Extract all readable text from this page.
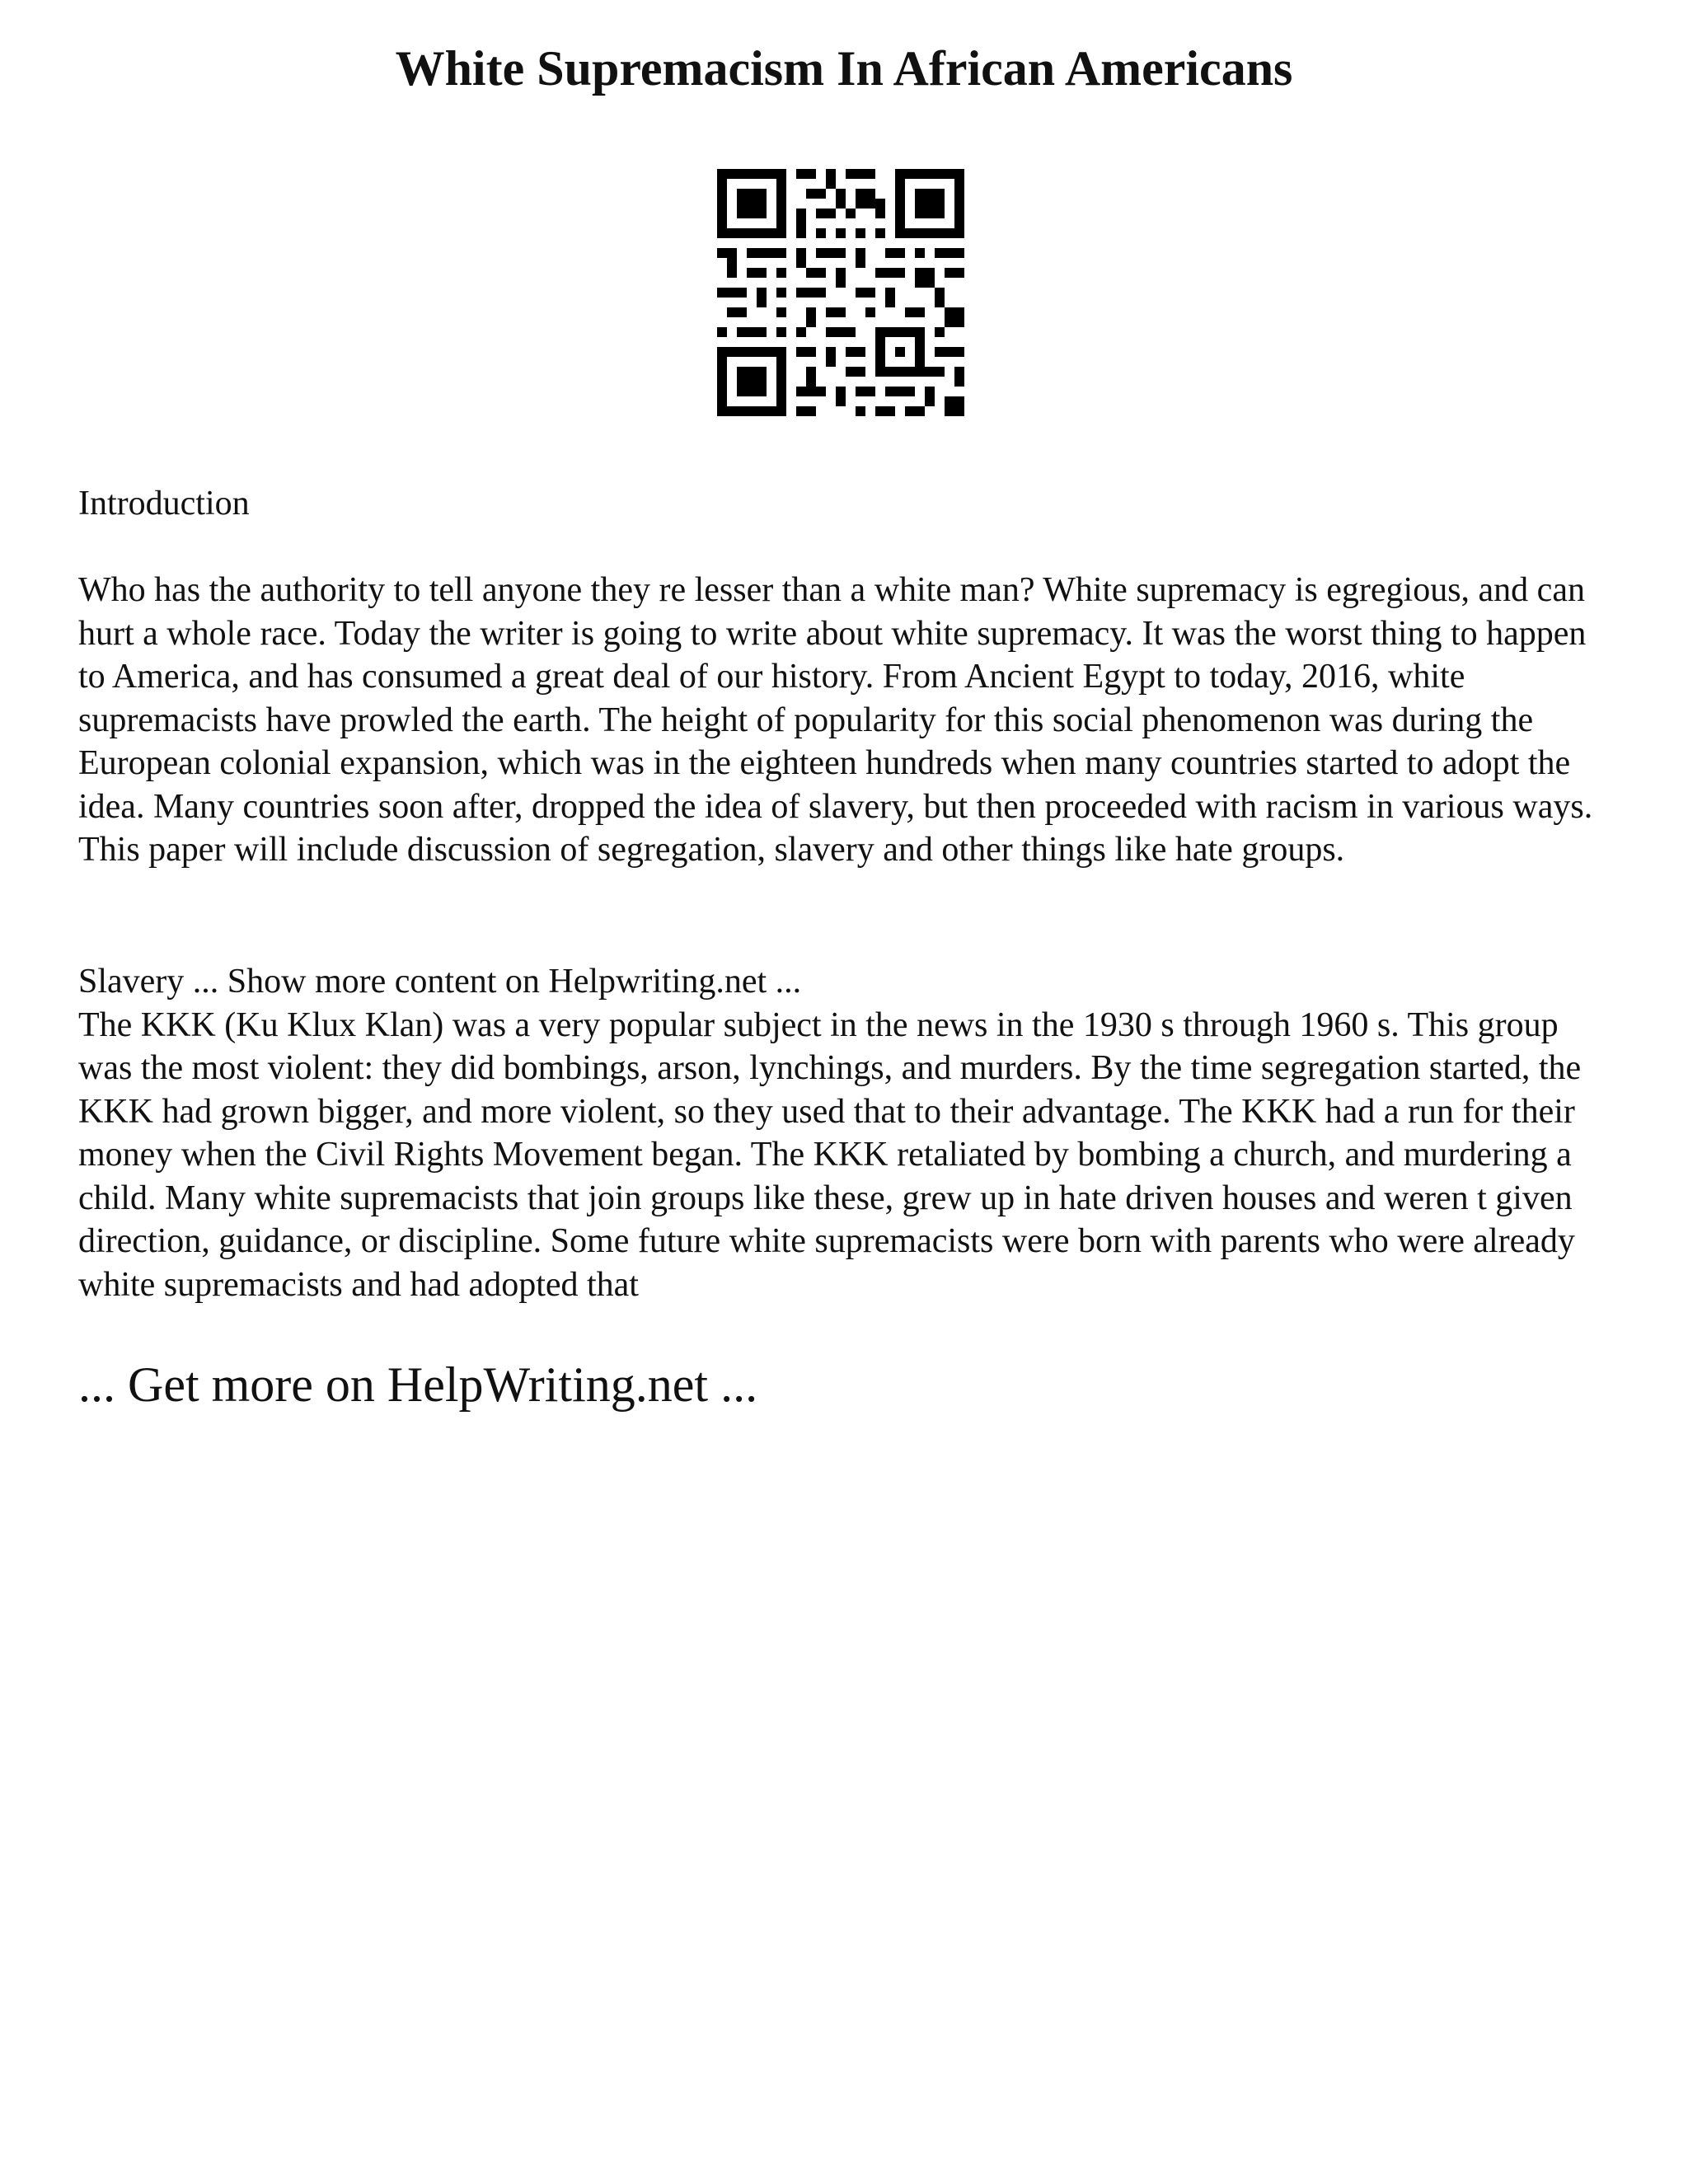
White Supremacism In African Americans

Introduction

Who has the authority to tell anyone they re lesser than a white man? White supremacy is egregious, and can hurt a whole race. Today the writer is going to write about white supremacy. It was the worst thing to happen to America, and has consumed a great deal of our history. From Ancient Egypt to today, 2016, white supremacists have prowled the earth. The height of popularity for this social phenomenon was during the European colonial expansion, which was in the eighteen hundreds when many countries started to adopt the idea. Many countries soon after, dropped the idea of slavery, but then proceeded with racism in various ways. This paper will include discussion of segregation, slavery and other things like hate groups.

Slavery ... Show more content on Helpwriting.net ...
The KKK (Ku Klux Klan) was a very popular subject in the news in the 1930 s through 1960 s. This group was the most violent: they did bombings, arson, lynchings, and murders. By the time segregation started, the KKK had grown bigger, and more violent, so they used that to their advantage. The KKK had a run for their money when the Civil Rights Movement began. The KKK retaliated by bombing a church, and murdering a child. Many white supremacists that join groups like these, grew up in hate driven houses and weren t given direction, guidance, or discipline. Some future white supremacists were born with parents who were already white supremacists and had adopted that

... Get more on HelpWriting.net ...
